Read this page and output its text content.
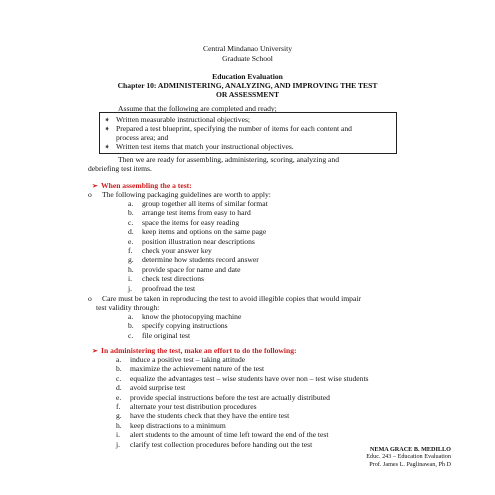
Central Mindanao University
Graduate School
Education Evaluation
Chapter 10: ADMINISTERING, ANALYZING, AND IMPROVING THE TEST
OR ASSESSMENT
Assume that the following are completed and ready;
➧ Written measurable instructional objectives;
➧ Prepared a test blueprint, specifying the number of items for each content and
process area; and
➧ Written test items that match your instructional objectives.
Then we are ready for assembling, administering, scoring, analyzing and
debriefing test items.
➢ When assembling the a test:
o The following packaging guidelines are worth to apply:
a. group together all items of similar format
b. arrange test items from easy to hard
c. space the items for easy reading
d. keep items and options on the same page
e. position illustration near descriptions
f. check your answer key
g. determine how students record answer
h. provide space for name and date
i. check test directions
j. proofread the test
o Care must be taken in reproducing the test to avoid illegible copies that would impair
test validity through:
a. know the photocopying machine
b. specify copying instructions
c. file original test
➢ In administering the test, make an effort to do the following:
a. induce a positive test – taking attitude
b. maximize the achievement nature of the test
c. equalize the advantages test – wise students have over non – test wise students
d. avoid surprise test
e. provide special instructions before the test are actually distributed
f. alternate your test distribution procedures
g. have the students check that they have the entire test
h. keep distractions to a minimum
i. alert students to the amount of time left toward the end of the test
j. clarify test collection procedures before handing out the test
NEMA GRACE B. MEDILLO
Educ. 243 – Education Evaluation
Prof. James L. Paglinawan, Ph D
